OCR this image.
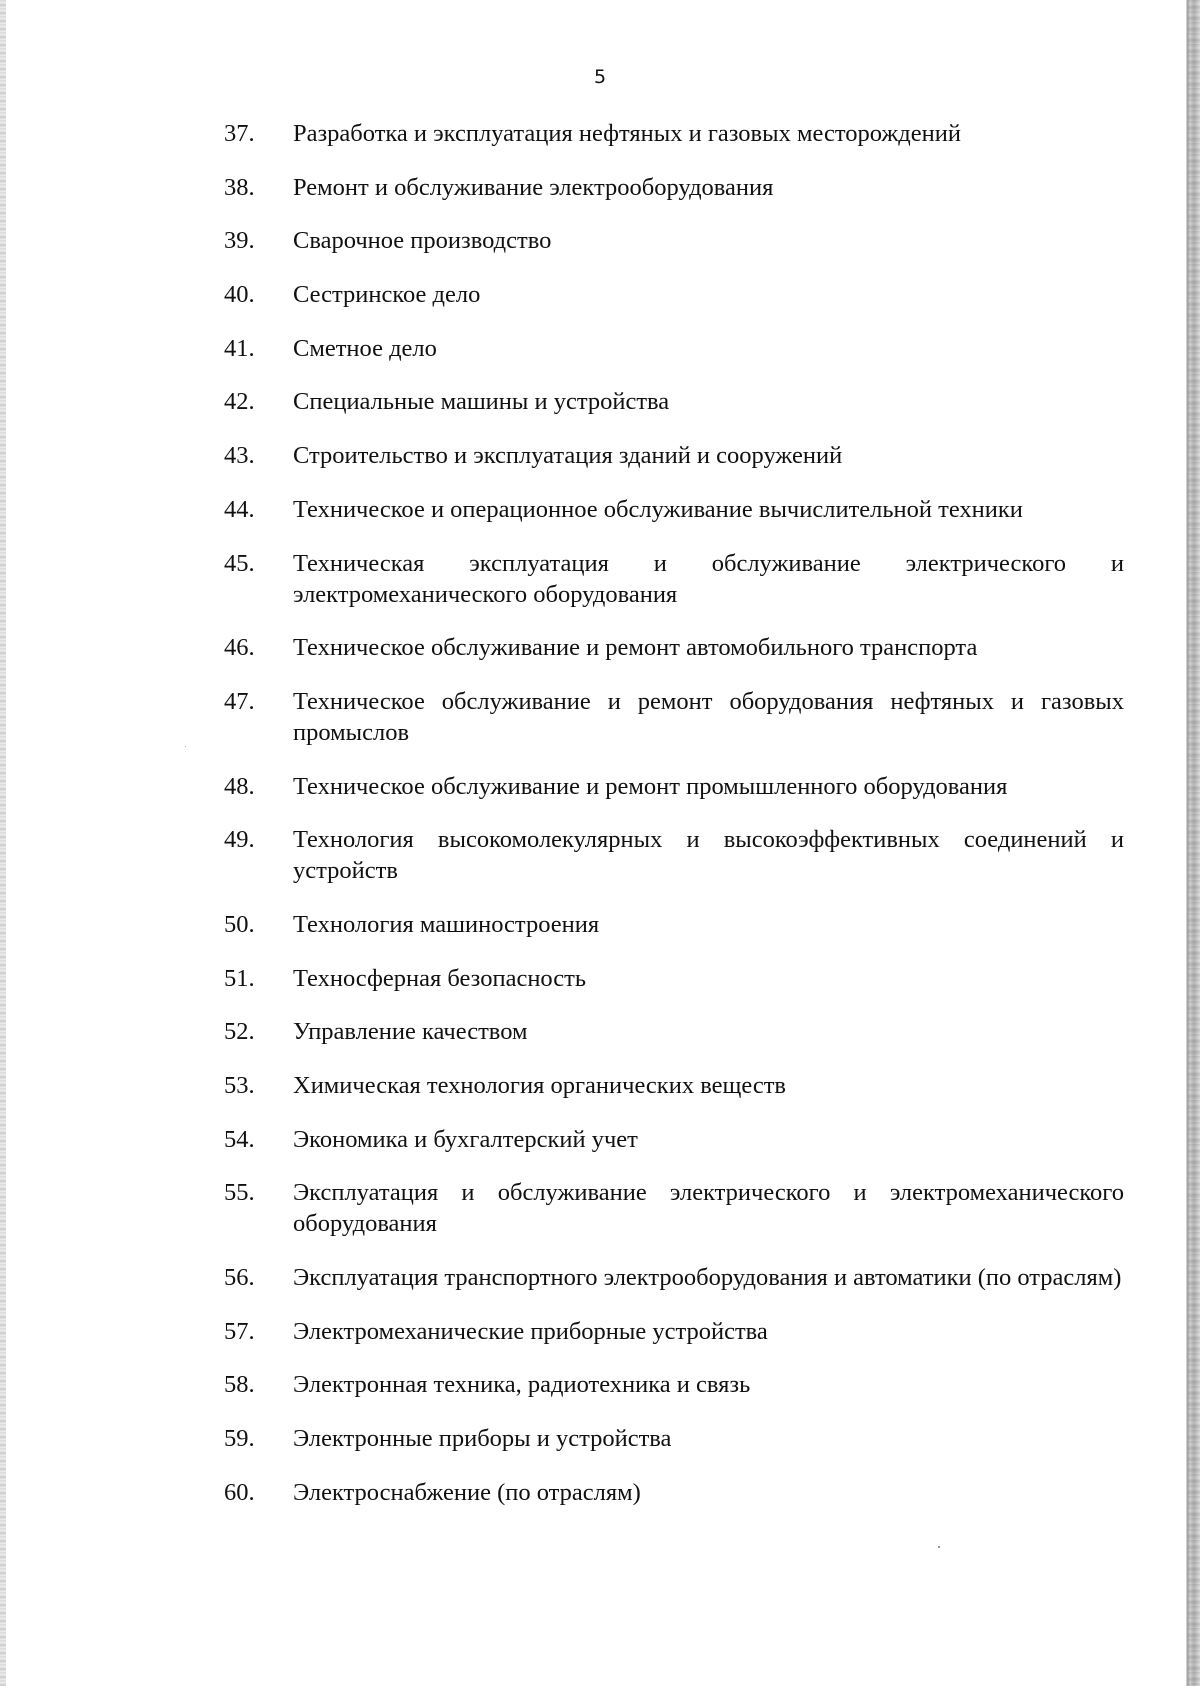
5
37.	Разработка и эксплуатация нефтяных и газовых месторождений
38.	Ремонт и обслуживание электрооборудования
39.	Сварочное производство
40.	Сестринское дело
41.	Сметное дело
42.	Специальные машины и устройства
43.	Строительство и эксплуатация зданий и сооружений
44.	Техническое и операционное обслуживание вычислительной техники
45.	Техническая эксплуатация и обслуживание электрического и электромеханического оборудования
46.	Техническое обслуживание и ремонт автомобильного транспорта
47.	Техническое обслуживание и ремонт оборудования нефтяных и газовых промыслов
48.	Техническое обслуживание и ремонт промышленного оборудования
49.	Технология высокомолекулярных и высокоэффективных соединений и устройств
50.	Технология машиностроения
51.	Техносферная безопасность
52.	Управление качеством
53.	Химическая технология органических веществ
54.	Экономика и бухгалтерский учет
55.	Эксплуатация и обслуживание электрического и электромеханического оборудования
56.	Эксплуатация транспортного электрооборудования и автоматики (по отраслям)
57.	Электромеханические приборные устройства
58.	Электронная техника, радиотехника и связь
59.	Электронные приборы и устройства
60.	Электроснабжение (по отраслям)
